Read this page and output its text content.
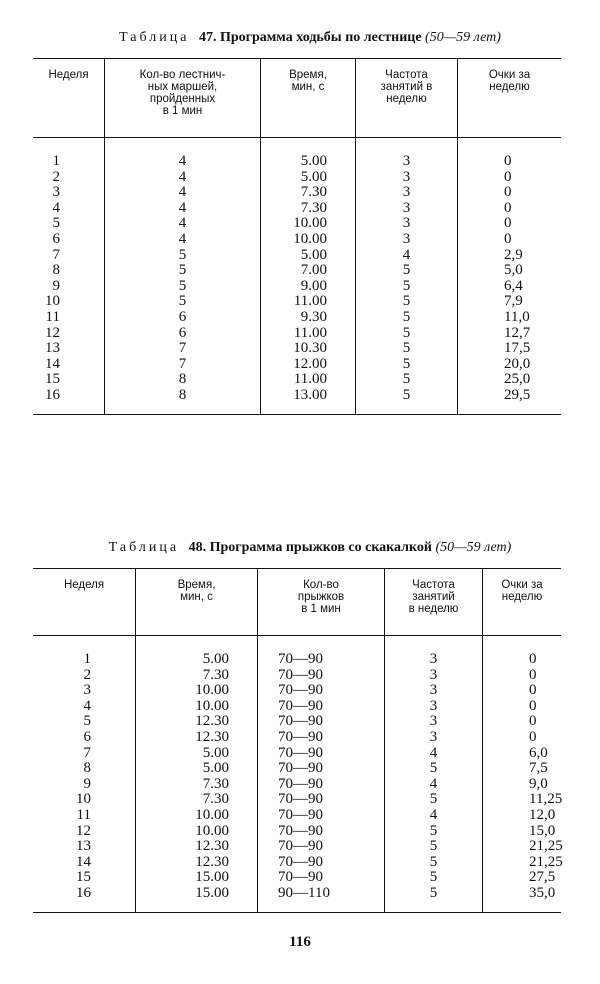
Таблица 47. Программа ходьбы по лестнице (50—59 лет)
Неделя	Кол-во лестнич-
ных маршей,
пройденных
в 1 мин
Время,
мин, с
Частота
занятий в
неделю
Очки за
неделю
1
2
3
4
5
6
7
8
9
10
11
12
13
14
15
16
4
4
4
4
4
4
5
5
5
5
6
6
7
7
8
8
5.00
5.00
7.30
7.30
10.00
10.00
5.00
7.00
9.00
11.00
9.30
11.00
10.30
12.00
11.00
13.00
3
3
3
3
3
3
4
5
5
5
5
5
5
5
5
5
0
0
0
0
0
0
2,9
5,0
6,4
7,9
11,0
12,7
17,5
20,0
25,0
29,5
Таблица 48. Программа прыжков со скакалкой (50—59 лет)
Неделя	Время,
мин, с
Кол-во
прыжков
в 1 мин
Частота
занятий
в неделю
Очки за
неделю
1
2
3
4
5
6
7
8
9
10
11
12
13
14
15
16
5.00
7.30
10.00
10.00
12.30
12.30
5.00
5.00
7.30
7.30
10.00
10.00
12.30
12.30
15.00
15.00
70—90
70—90
70—90
70—90
70—90
70—90
70—90
70—90
70—90
70—90
70—90
70—90
70—90
70—90
70—90
90—110
3
3
3
3
3
3
4
5
4
5
4
5
5
5
5
5
0
0
0
0
0
0
6,0
7,5
9,0
11,25
12,0
15,0
21,25
21,25
27,5
35,0
116
